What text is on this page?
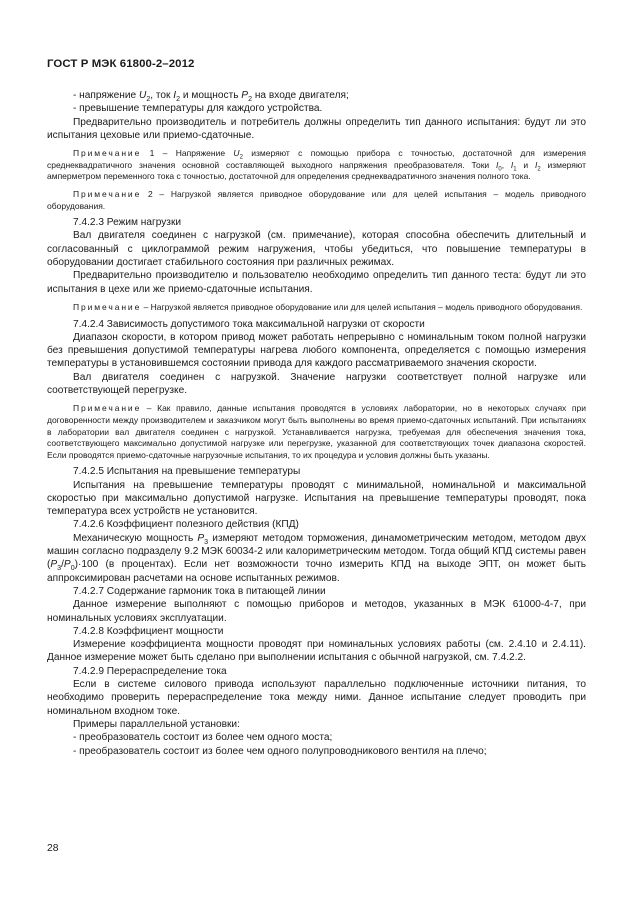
ГОСТ Р МЭК 61800-2–2012

- напряжение $U_2$, ток $I_2$ и мощность $P_2$ на входе двигателя;

- превышение температуры для каждого устройства.

Предварительно производитель и потребитель должны определить тип данного испытания: будут ли это испытания цеховые или приемо-сдаточные.

Примечание 1 – Напряжение $U_2$ измеряют с помощью прибора с точностью, достаточной для измерения среднеквадратичного значения основной составляющей выходного напряжения преобразователя. Токи $I_0$, $I_1$ и $I_2$ измеряют амперметром переменного тока с точностью, достаточной для определения среднеквадратичного значения полного тока.

Примечание 2 – Нагрузкой является приводное оборудование или для целей испытания – модель приводного оборудования.

7.4.2.3 Режим нагрузки

Вал двигателя соединен с нагрузкой (см. примечание), которая способна обеспечить длительный и согласованный с циклограммой режим нагружения, чтобы убедиться, что повышение температуры в оборудовании достигает стабильного состояния при различных режимах.

Предварительно производителю и пользователю необходимо определить тип данного теста: будут ли это испытания в цехе или же приемо-сдаточные испытания.

Примечание – Нагрузкой является приводное оборудование или для целей испытания – модель приводного оборудования.

7.4.2.4 Зависимость допустимого тока максимальной нагрузки от скорости

Диапазон скорости, в котором привод может работать непрерывно с номинальным током полной нагрузки без превышения допустимой температуры нагрева любого компонента, определяется с помощью измерения температуры в установившемся состоянии привода для каждого рассматриваемого значения скорости.

Вал двигателя соединен с нагрузкой. Значение нагрузки соответствует полной нагрузке или соответствующей перегрузке.

Примечание – Как правило, данные испытания проводятся в условиях лаборатории, но в некоторых случаях при договоренности между производителем и заказчиком могут быть выполнены во время приемо-сдаточных испытаний. При испытаниях в лаборатории вал двигателя соединен с нагрузкой. Устанавливается нагрузка, требуемая для обеспечения значения тока, соответствующего максимально допустимой нагрузке или перегрузке, указанной для соответствующих точек диапазона скоростей. Если проводятся приемо-сдаточные нагрузочные испытания, то их процедура и условия должны быть указаны.

7.4.2.5 Испытания на превышение температуры

Испытания на превышение температуры проводят с минимальной, номинальной и максимальной скоростью при максимально допустимой нагрузке. Испытания на превышение температуры проводят, пока температура всех устройств не установится.

7.4.2.6 Коэффициент полезного действия (КПД)

Механическую мощность $P_3$ измеряют методом торможения, динамометрическим методом, методом двух машин согласно подразделу 9.2 МЭК 60034-2 или калориметрическим методом. Тогда общий КПД системы равен $(P_3/P_0)\cdot 100$ (в процентах). Если нет возможности точно измерить КПД на выходе ЭПТ, он может быть аппроксимирован расчетами на основе испытанных режимов.

7.4.2.7 Содержание гармоник тока в питающей линии

Данное измерение выполняют с помощью приборов и методов, указанных в МЭК 61000-4-7, при номинальных условиях эксплуатации.

7.4.2.8 Коэффициент мощности

Измерение коэффициента мощности проводят при номинальных условиях работы (см. 2.4.10 и 2.4.11). Данное измерение может быть сделано при выполнении испытания с обычной нагрузкой, см. 7.4.2.2.

7.4.2.9 Перераспределение тока

Если в системе силового привода используют параллельно подключенные источники питания, то необходимо проверить перераспределение тока между ними. Данное испытание следует проводить при номинальном входном токе.

Примеры параллельной установки:

- преобразователь состоит из более чем одного моста;

- преобразователь состоит из более чем одного полупроводникового вентиля на плечо;

28
